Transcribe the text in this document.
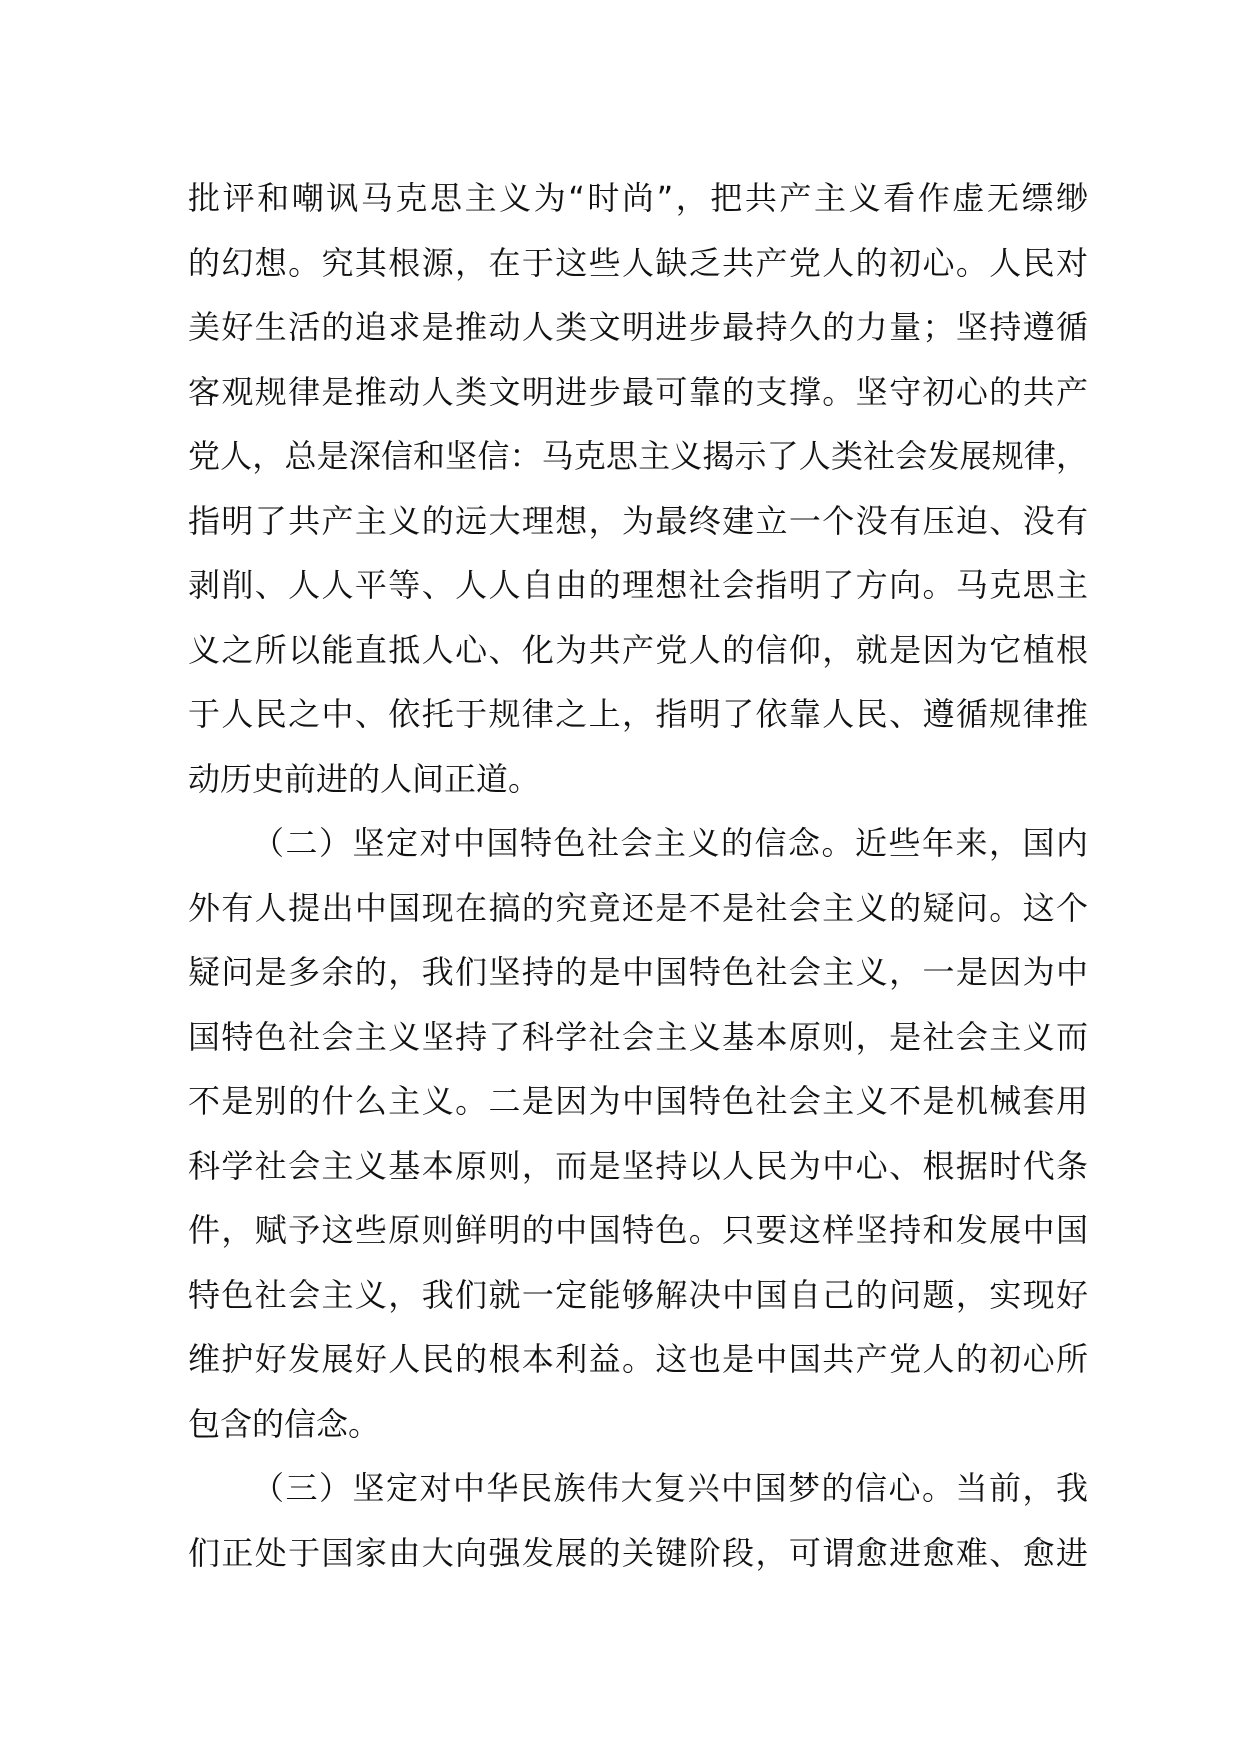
批评和嘲讽马克思主义为“时尚”，把共产主义看作虚无缥缈
的幻想。究其根源，在于这些人缺乏共产党人的初心。人民对
美好生活的追求是推动人类文明进步最持久的力量；坚持遵循
客观规律是推动人类文明进步最可靠的支撑。坚守初心的共产
党人，总是深信和坚信：马克思主义揭示了人类社会发展规律，
指明了共产主义的远大理想，为最终建立一个没有压迫、没有
剥削、人人平等、人人自由的理想社会指明了方向。马克思主
义之所以能直抵人心、化为共产党人的信仰，就是因为它植根
于人民之中、依托于规律之上，指明了依靠人民、遵循规律推
动历史前进的人间正道。
（二）坚定对中国特色社会主义的信念。近些年来，国内
外有人提出中国现在搞的究竟还是不是社会主义的疑问。这个
疑问是多余的，我们坚持的是中国特色社会主义，一是因为中
国特色社会主义坚持了科学社会主义基本原则，是社会主义而
不是别的什么主义。二是因为中国特色社会主义不是机械套用
科学社会主义基本原则，而是坚持以人民为中心、根据时代条
件，赋予这些原则鲜明的中国特色。只要这样坚持和发展中国
特色社会主义，我们就一定能够解决中国自己的问题，实现好
维护好发展好人民的根本利益。这也是中国共产党人的初心所
包含的信念。
（三）坚定对中华民族伟大复兴中国梦的信心。当前，我
们正处于国家由大向强发展的关键阶段，可谓愈进愈难、愈进
